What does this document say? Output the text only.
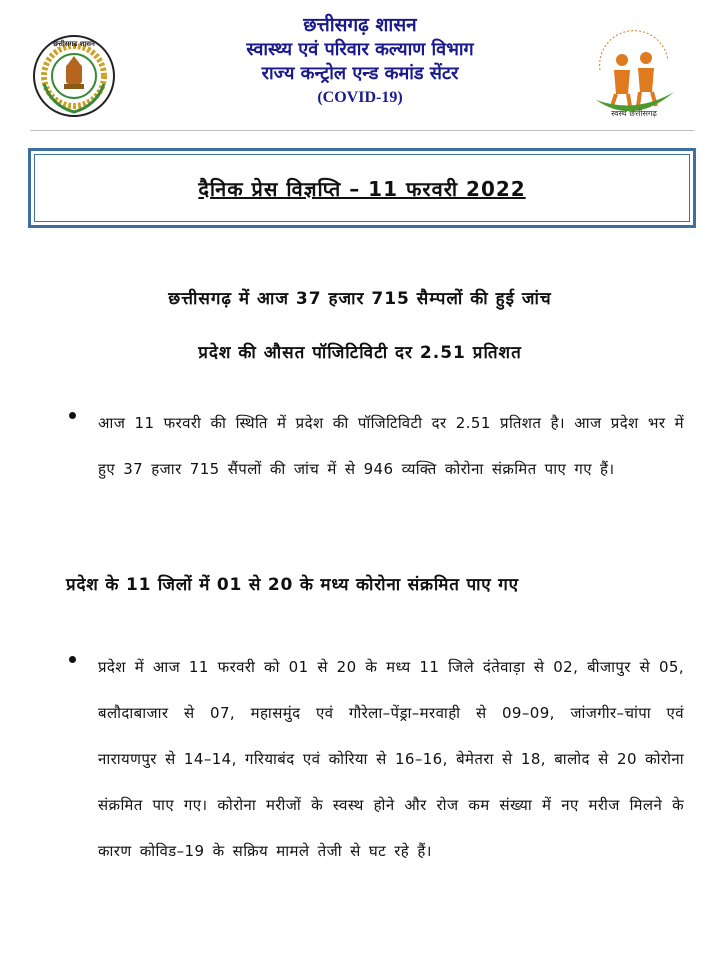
छत्तीसगढ़ शासन
छत्तीसगढ़ शासन
स्वास्थ्य एवं परिवार कल्याण विभाग
राज्य कन्ट्रोल एन्ड कमांड सेंटर
(COVID-19)
स्वस्थ छत्तीसगढ़
दैनिक प्रेस विज्ञप्ति – 11 फरवरी 2022
छत्तीसगढ़ में आज 37 हजार 715 सैम्पलों की हुई जांच
प्रदेश की औसत पॉजिटिविटी दर 2.51 प्रतिशत
आज 11 फरवरी की स्थिति में प्रदेश की पॉजिटिविटी दर 2.51 प्रतिशत है। आज प्रदेश भर में हुए 37 हजार 715 सैंपलों की जांच में से 946 व्यक्ति कोरोना संक्रमित पाए गए हैं।
प्रदेश के 11 जिलों में 01 से 20 के मध्य कोरोना संक्रमित पाए गए
प्रदेश में आज 11 फरवरी को 01 से 20 के मध्य 11 जिले दंतेवाड़ा से 02, बीजापुर से 05, बलौदाबाजार से 07, महासमुंद एवं गौरेला–पेंड्रा–मरवाही से 09–09, जांजगीर–चांपा एवं नारायणपुर से 14–14, गरियाबंद एवं कोरिया से 16–16, बेमेतरा से 18, बालोद से 20 कोरोना संक्रमित पाए गए। कोरोना मरीजों के स्वस्थ होने और रोज कम संख्या में नए मरीज मिलने के कारण कोविड–19 के सक्रिय मामले तेजी से घट रहे हैं।
